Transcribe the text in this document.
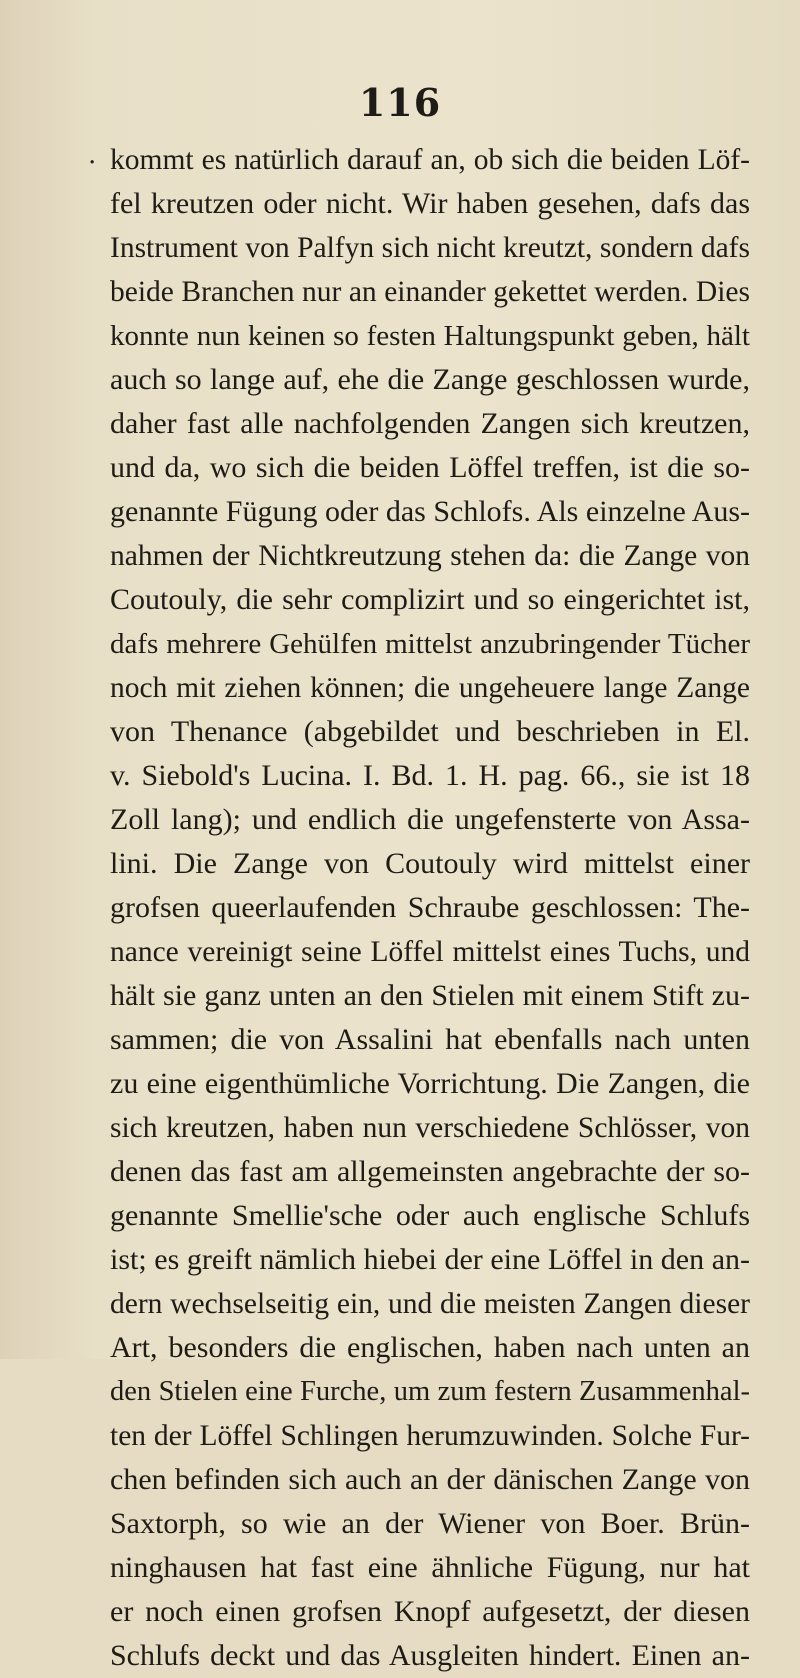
116
. kommt es natürlich darauf an, ob sich die beiden Löf-
fel kreutzen oder nicht. Wir haben gesehen, dafs das
Instrument von Palfyn sich nicht kreutzt, sondern dafs
beide Branchen nur an einander gekettet werden. Dies
konnte nun keinen so festen Haltungspunkt geben, hält
auch so lange auf, ehe die Zange geschlossen wurde,
daher fast alle nachfolgenden Zangen sich kreutzen,
und da, wo sich die beiden Löffel treffen, ist die so-
genannte Fügung oder das Schlofs. Als einzelne Aus-
nahmen der Nichtkreutzung stehen da: die Zange von
Coutouly, die sehr complizirt und so eingerichtet ist,
dafs mehrere Gehülfen mittelst anzubringender Tücher
noch mit ziehen können; die ungeheuere lange Zange
von Thenance (abgebildet und beschrieben in El.
v. Siebold's Lucina. I. Bd. 1. H. pag. 66., sie ist 18
Zoll lang); und endlich die ungefensterte von Assa-
lini. Die Zange von Coutouly wird mittelst einer
grofsen queerlaufenden Schraube geschlossen: The-
nance vereinigt seine Löffel mittelst eines Tuchs, und
hält sie ganz unten an den Stielen mit einem Stift zu-
sammen; die von Assalini hat ebenfalls nach unten
zu eine eigenthümliche Vorrichtung. Die Zangen, die
sich kreutzen, haben nun verschiedene Schlösser, von
denen das fast am allgemeinsten angebrachte der so-
genannte Smellie'sche oder auch englische Schlufs
ist; es greift nämlich hiebei der eine Löffel in den an-
dern wechselseitig ein, und die meisten Zangen dieser
Art, besonders die englischen, haben nach unten an
den Stielen eine Furche, um zum festern Zusammenhal-
ten der Löffel Schlingen herumzuwinden. Solche Fur-
chen befinden sich auch an der dänischen Zange von
Saxtorph, so wie an der Wiener von Boer. Brün-
ninghausen hat fast eine ähnliche Fügung, nur hat
er noch einen grofsen Knopf aufgesetzt, der diesen
Schlufs deckt und das Ausgleiten hindert. Einen an-
